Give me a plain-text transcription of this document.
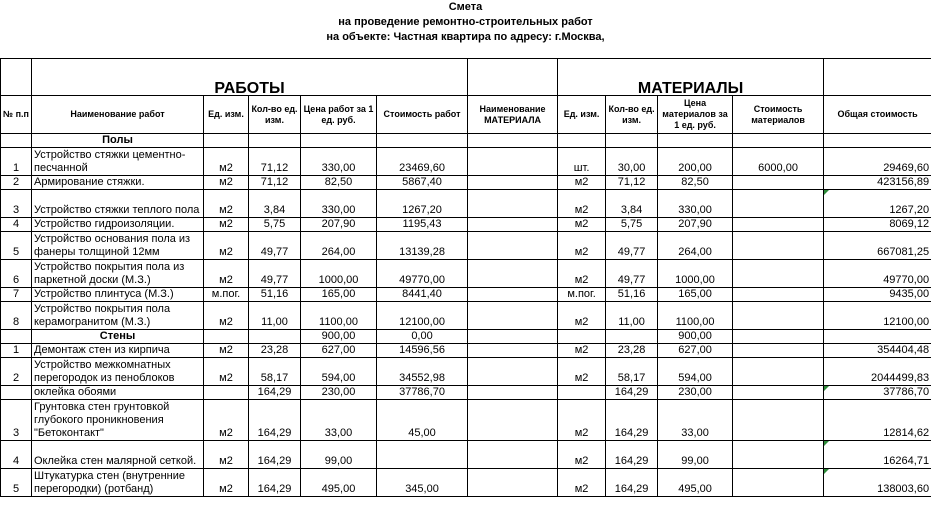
Смета
на проведение ремонтно-строительных работ
на объекте: Частная квартира по адресу: г.Москва,
	РАБОТЫ						МАТЕРИАЛЫ				
№ п.п	Наименование работ	Ед. изм.	Кол-во ед. изм.	Цена работ за 1 ед. руб.	Стоимость работ	Наименование МАТЕРИАЛА	Ед. изм.	Кол-во ед. изм.	Цена материалов за 1 ед. руб.	Стоимость материалов	Общая стоимость
	Полы										
1	Устройство стяжки цементно-песчанной	м2	71,12	330,00	23469,60		шт.	30,00	200,00	6000,00	29469,60
2	Армирование стяжки.	м2	71,12	82,50	5867,40		м2	71,12	82,50		423156,89
3	Устройство стяжки теплого пола	м2	3,84	330,00	1267,20		м2	3,84	330,00		1267,20
4	Устройство гидроизоляции.	м2	5,75	207,90	1195,43		м2	5,75	207,90		8069,12
5	Устройство основания пола из фанеры толщиной 12мм	м2	49,77	264,00	13139,28		м2	49,77	264,00		667081,25
6	Устройство покрытия пола из паркетной доски (М.З.)	м2	49,77	1000,00	49770,00		м2	49,77	1000,00		49770,00
7	Устройство плинтуса (М.З.)	м.пог.	51,16	165,00	8441,40		м.пог.	51,16	165,00		9435,00
8	Устройство покрытия пола керамогранитом (М.З.)	м2	11,00	1100,00	12100,00		м2	11,00	1100,00		12100,00
	Стены			900,00	0,00				900,00		
1	Демонтаж стен из кирпича	м2	23,28	627,00	14596,56		м2	23,28	627,00		354404,48
2	Устройство межкомнатных перегородок из пеноблоков	м2	58,17	594,00	34552,98		м2	58,17	594,00		2044499,83
	оклейка обоями		164,29	230,00	37786,70			164,29	230,00		37786,70
3	Грунтовка стен грунтовкой глубокого проникновения "Бетоконтакт"	м2	164,29	33,00	45,00		м2	164,29	33,00		12814,62
4	Оклейка стен малярной сеткой.	м2	164,29	99,00			м2	164,29	99,00		16264,71
5	Штукатурка стен (внутренние перегородки) (ротбанд)	м2	164,29	495,00	345,00		м2	164,29	495,00		138003,60
